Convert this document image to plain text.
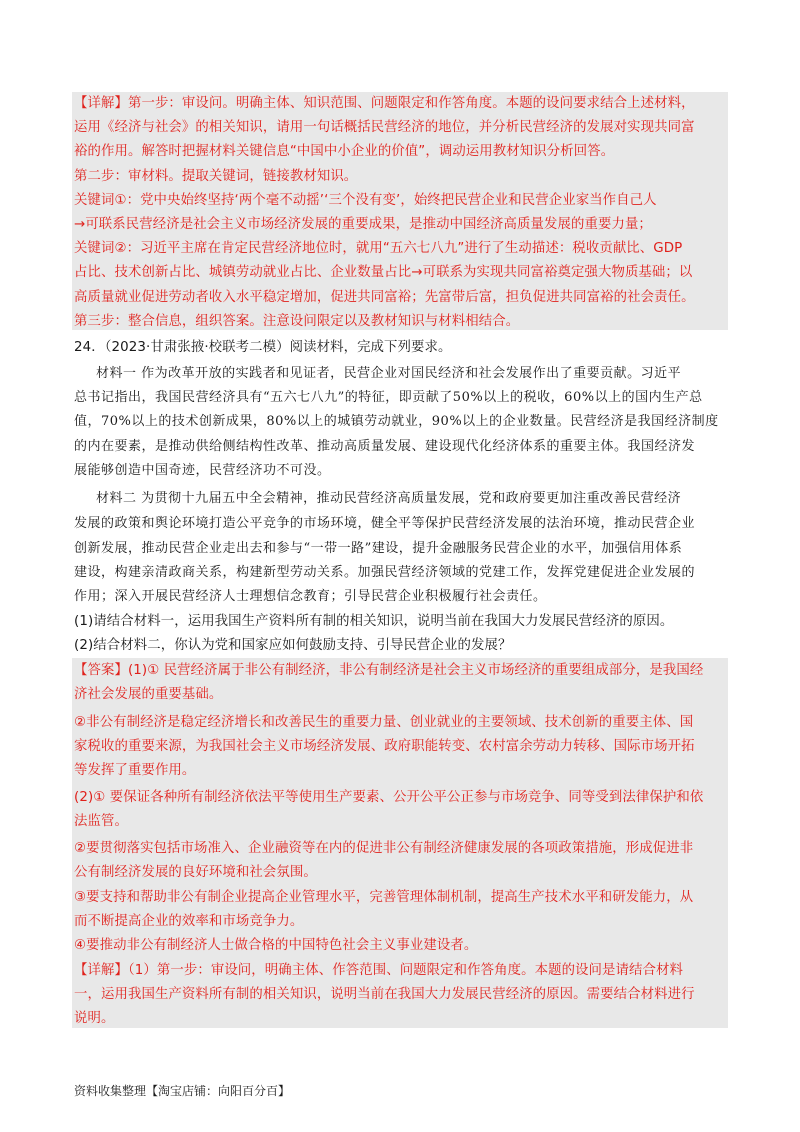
【详解】第一步：审设问。明确主体、知识范围、问题限定和作答角度。本题的设问要求结合上述材料，
运用《经济与社会》的相关知识，请用一句话概括民营经济的地位，并分析民营经济的发展对实现共同富
裕的作用。解答时把握材料关键信息“中国中小企业的价值”，调动运用教材知识分析回答。
第二步：审材料。提取关键词，链接教材知识。
关键词①：党中央始终坚持‘两个毫不动摇’‘三个没有变’，始终把民营企业和民营企业家当作自己人
→可联系民营经济是社会主义市场经济发展的重要成果，是推动中国经济高质量发展的重要力量；
关键词②：习近平主席在肯定民营经济地位时，就用“五六七八九”进行了生动描述：税收贡献比、GDP
占比、技术创新占比、城镇劳动就业占比、企业数量占比→可联系为实现共同富裕奠定强大物质基础；以
高质量就业促进劳动者收入水平稳定增加，促进共同富裕；先富带后富，担负促进共同富裕的社会责任。
第三步：整合信息，组织答案。注意设问限定以及教材知识与材料相结合。
24．（2023·甘肃张掖·校联考二模）阅读材料，完成下列要求。
材料一 作为改革开放的实践者和见证者，民营企业对国民经济和社会发展作出了重要贡献。习近平
总书记指出，我国民营经济具有“五六七八九”的特征，即贡献了50%以上的税收，60%以上的国内生产总
值，70%以上的技术创新成果，80%以上的城镇劳动就业，90%以上的企业数量。民营经济是我国经济制度
的内在要素，是推动供给侧结构性改革、推动高质量发展、建设现代化经济体系的重要主体。我国经济发
展能够创造中国奇迹，民营经济功不可没。
材料二 为贯彻十九届五中全会精神，推动民营经济高质量发展，党和政府要更加注重改善民营经济
发展的政策和舆论环境打造公平竞争的市场环境，健全平等保护民营经济发展的法治环境，推动民营企业
创新发展，推动民营企业走出去和参与“一带一路”建设，提升金融服务民营企业的水平，加强信用体系
建设，构建亲清政商关系，构建新型劳动关系。加强民营经济领域的党建工作，发挥党建促进企业发展的
作用；深入开展民营经济人士理想信念教育；引导民营企业积极履行社会责任。
(1)请结合材料一，运用我国生产资料所有制的相关知识，说明当前在我国大力发展民营经济的原因。
(2)结合材料二，你认为党和国家应如何鼓励支持、引导民营企业的发展？
【答案】(1)① 民营经济属于非公有制经济，非公有制经济是社会主义市场经济的重要组成部分，是我国经
济社会发展的重要基础。
②非公有制经济是稳定经济增长和改善民生的重要力量、创业就业的主要领域、技术创新的重要主体、国
家税收的重要来源，为我国社会主义市场经济发展、政府职能转变、农村富余劳动力转移、国际市场开拓
等发挥了重要作用。
(2)① 要保证各种所有制经济依法平等使用生产要素、公开公平公正参与市场竞争、同等受到法律保护和依
法监管。
②要贯彻落实包括市场准入、企业融资等在内的促进非公有制经济健康发展的各项政策措施，形成促进非
公有制经济发展的良好环境和社会氛围。
③要支持和帮助非公有制企业提高企业管理水平，完善管理体制机制，提高生产技术水平和研发能力，从
而不断提高企业的效率和市场竞争力。
④要推动非公有制经济人士做合格的中国特色社会主义事业建设者。
【详解】（1）第一步：审设问，明确主体、作答范围、问题限定和作答角度。本题的设问是请结合材料
一，运用我国生产资料所有制的相关知识，说明当前在我国大力发展民营经济的原因。需要结合材料进行
说明。
资料收集整理【淘宝店铺：向阳百分百】
